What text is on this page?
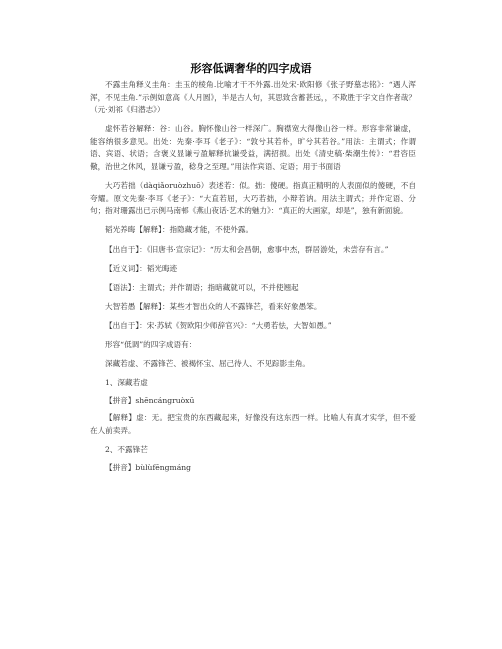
形容低调奢华的四字成语

不露圭角释义圭角：圭玉的棱角.比喻才干不外露.出处宋·欧阳修《张子野墓志铭》：“遇人浑浑，不见圭角.”示例如意高《人月圆》，半是古人句，其思致含蓄甚远，，不欺胜于字文自作者哉？（元·刘祁《归潜志》）

虚怀若谷解释：谷：山谷。胸怀像山谷一样深广。胸襟宽大得像山谷一样。形容非常谦虚，能容纳很多意见。出处：先秦·李耳《老子》：“敦兮其若朴，旷兮其若谷。”用法：主谓式；作谓语、宾语、状语；含褒义显谦亏盈解释抗谦受益，满招损。出处《清史稿·柴潮生传》：“君咨臣儆，治世之休风，显谦亏盈，稔身之至理。”用法作宾语、定语；用于书面语

大巧若拙（dàqiǎoruòzhuō）表述若：似。拙：傻硬。指真正精明的人表面似的傻硬，不自夸耀。原文先秦·李耳《老子》：“大直若屈，大巧若拙，小辩若讷。用法主谓式；并作定语、分句；指对珊露出已示例马南邨《燕山夜话·艺术的魅力》：“真正的大画家，却是”，独有新面貌。

韬光养晦【解释】：指隐藏才能，不使外露。

【出自于】：《旧唐书·宣宗记》：“历太和会昌朝，愈事中杰，群居游处，未尝存有言。”

【近义词】：韬光晦迹

【语法】：主谓式；并作谓语；指暗藏就可以，不并使翘起

大智若愚【解释】：某些才智出众的人不露锋芒，看来好象愚笨。

【出自于】：宋·苏轼《贺欧阳少师辞官兴》：“大勇若怯，大智如愚。”

形容“低调”的四字成语有：

深藏若虚、不露锋芒、被褐怀宝、屈己待人、不见踪影圭角。

1、深藏若虚

【拼音】shēncángruòxū

【解释】虚：无。把宝贵的东西藏起来，好像没有这东西一样。比喻人有真才实学，但不爱在人前卖弄。

2、不露锋芒

【拼音】bùlùfēngmáng
